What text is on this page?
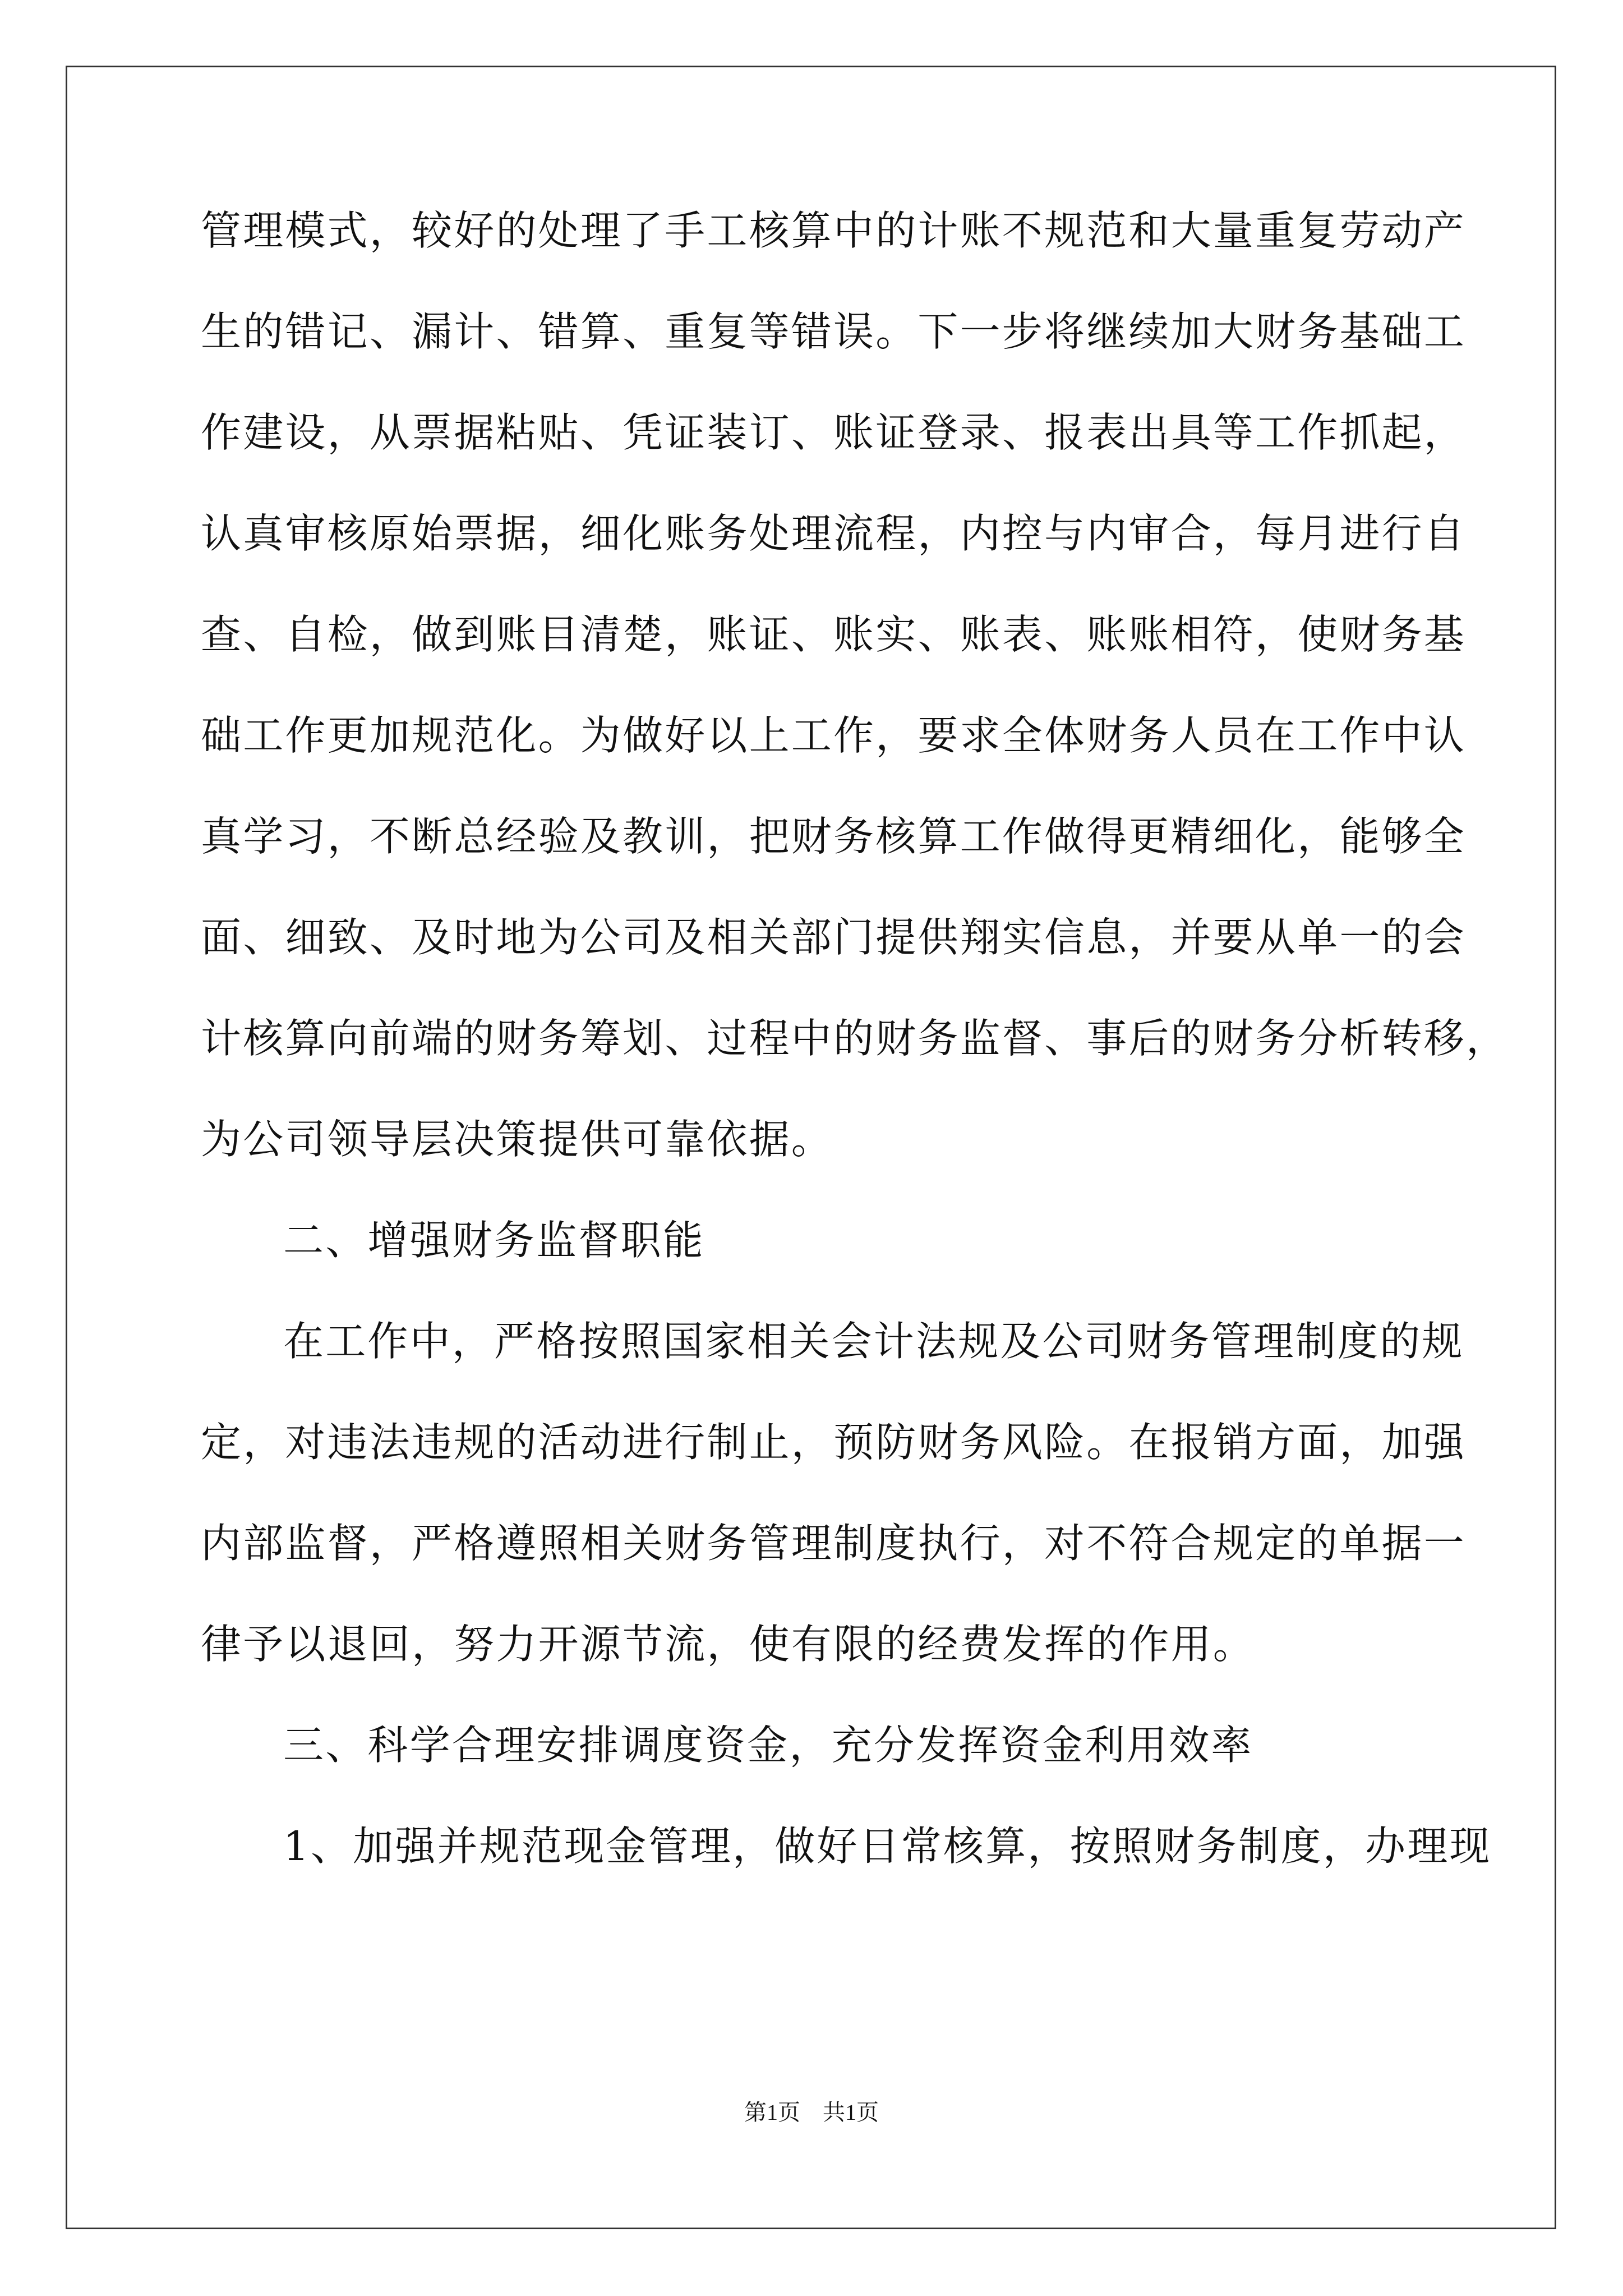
管理模式，较好的处理了手工核算中的计账不规范和大量重复劳动产
生的错记、漏计、错算、重复等错误。下一步将继续加大财务基础工
作建设，从票据粘贴、凭证装订、账证登录、报表出具等工作抓起，
认真审核原始票据，细化账务处理流程，内控与内审合，每月进行自
查、自检，做到账目清楚，账证、账实、账表、账账相符，使财务基
础工作更加规范化。为做好以上工作，要求全体财务人员在工作中认
真学习，不断总经验及教训，把财务核算工作做得更精细化，能够全
面、细致、及时地为公司及相关部门提供翔实信息，并要从单一的会
计核算向前端的财务筹划、过程中的财务监督、事后的财务分析转移，
为公司领导层决策提供可靠依据。
二、增强财务监督职能
在工作中，严格按照国家相关会计法规及公司财务管理制度的规
定，对违法违规的活动进行制止，预防财务风险。在报销方面，加强
内部监督，严格遵照相关财务管理制度执行，对不符合规定的单据一
律予以退回，努力开源节流，使有限的经费发挥的作用。
三、科学合理安排调度资金，充分发挥资金利用效率
1、加强并规范现金管理，做好日常核算，按照财务制度，办理现
第1页 共1页
